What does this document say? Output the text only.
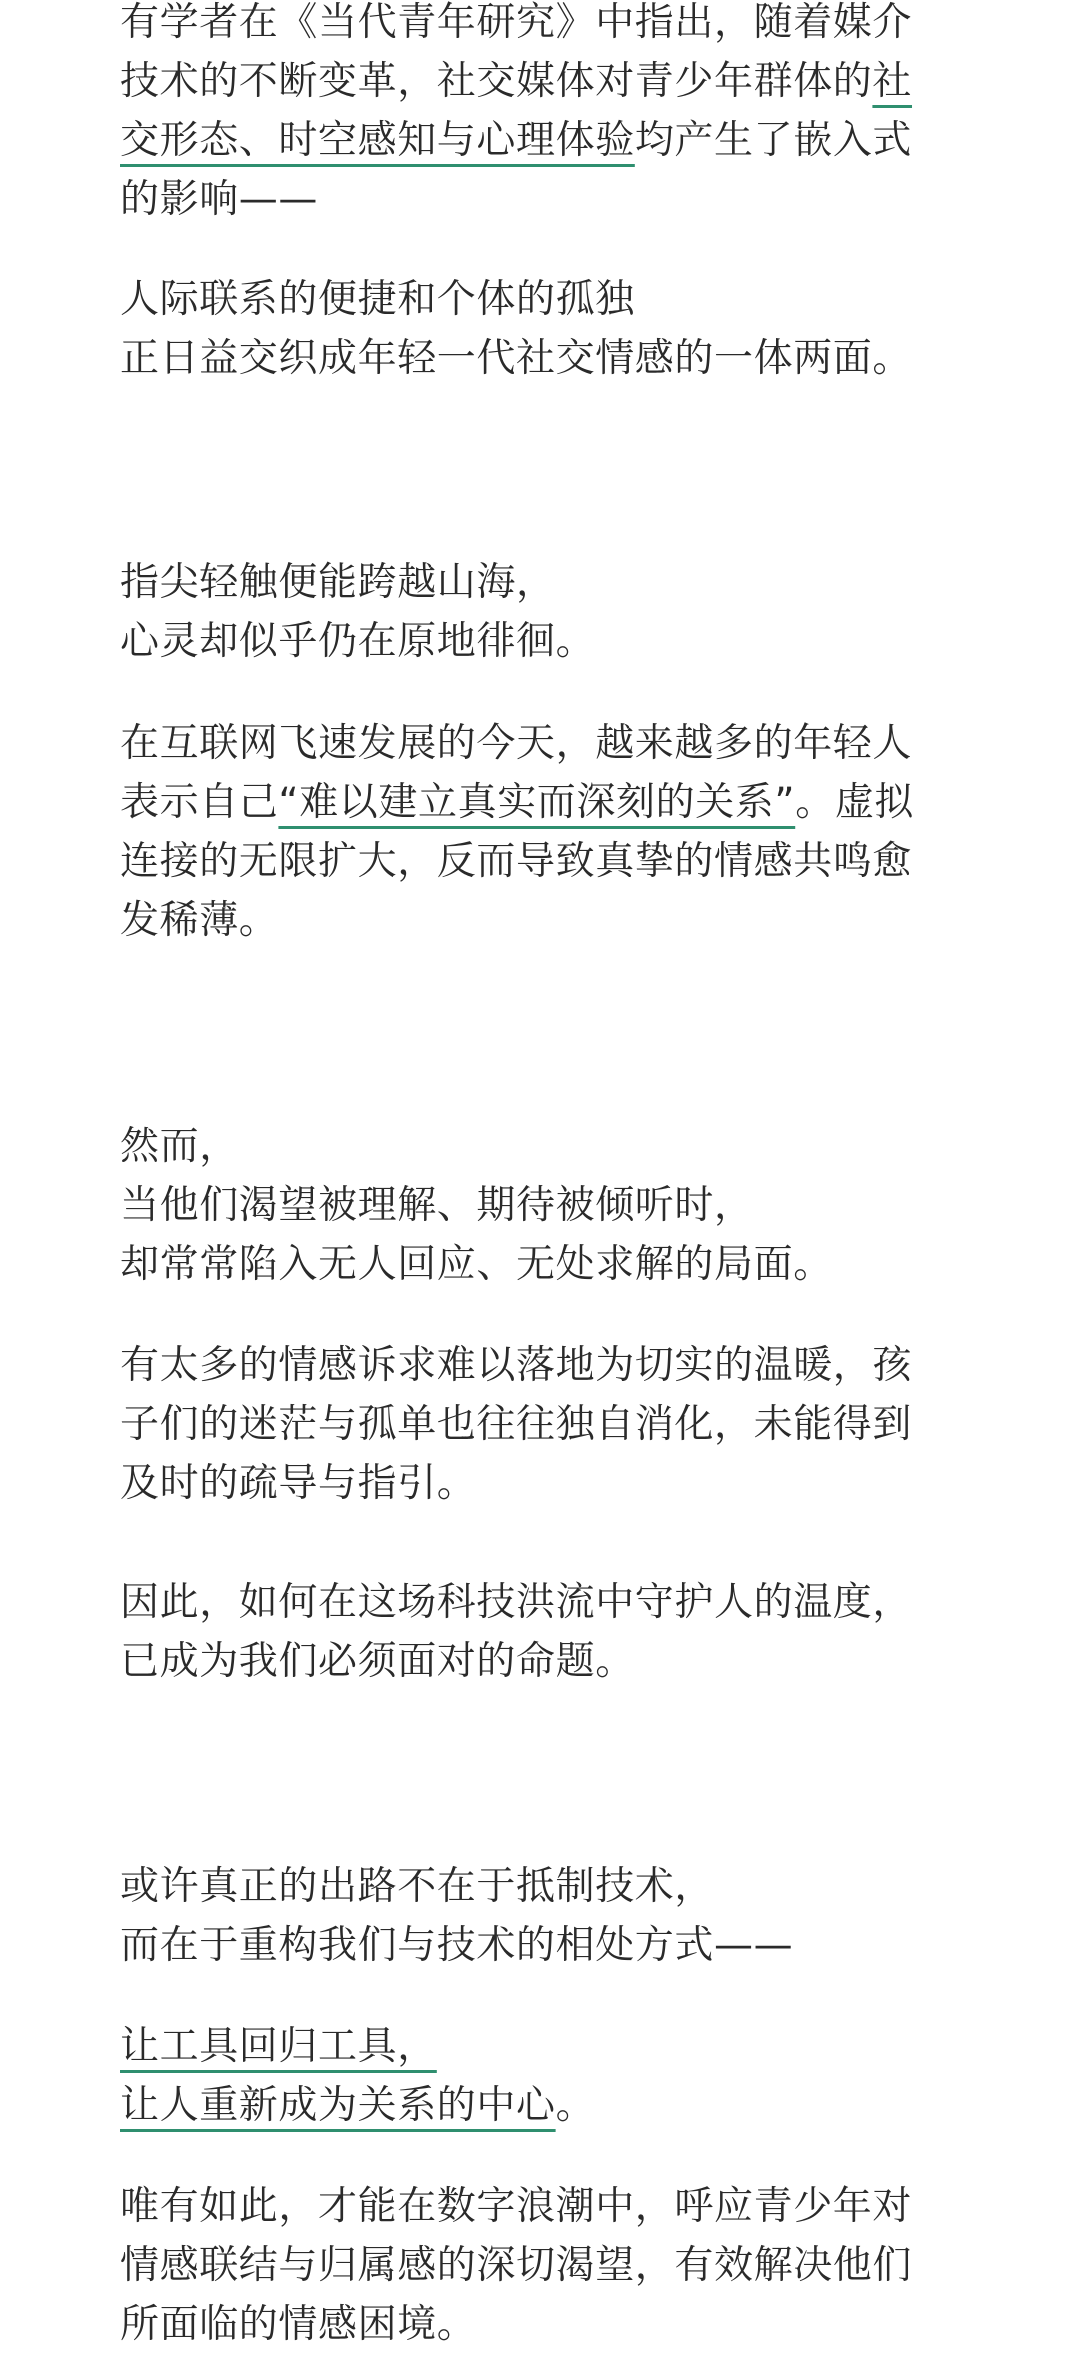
有学者在《当代青年研究》中指出，随着媒介
技术的不断变革，社交媒体对青少年群体的社
交形态、时空感知与心理体验均产生了嵌入式
的影响——
人际联系的便捷和个体的孤独
正日益交织成年轻一代社交情感的一体两面。
指尖轻触便能跨越山海，
心灵却似乎仍在原地徘徊。
在互联网飞速发展的今天，越来越多的年轻人
表示自己“难以建立真实而深刻的关系”。虚拟
连接的无限扩大，反而导致真挚的情感共鸣愈
发稀薄。
然而，
当他们渴望被理解、期待被倾听时，
却常常陷入无人回应、无处求解的局面。
有太多的情感诉求难以落地为切实的温暖，孩
子们的迷茫与孤单也往往独自消化，未能得到
及时的疏导与指引。
因此，如何在这场科技洪流中守护人的温度，
已成为我们必须面对的命题。
或许真正的出路不在于抵制技术，
而在于重构我们与技术的相处方式——
让工具回归工具，
让人重新成为关系的中心。
唯有如此，才能在数字浪潮中，呼应青少年对
情感联结与归属感的深切渴望，有效解决他们
所面临的情感困境。
